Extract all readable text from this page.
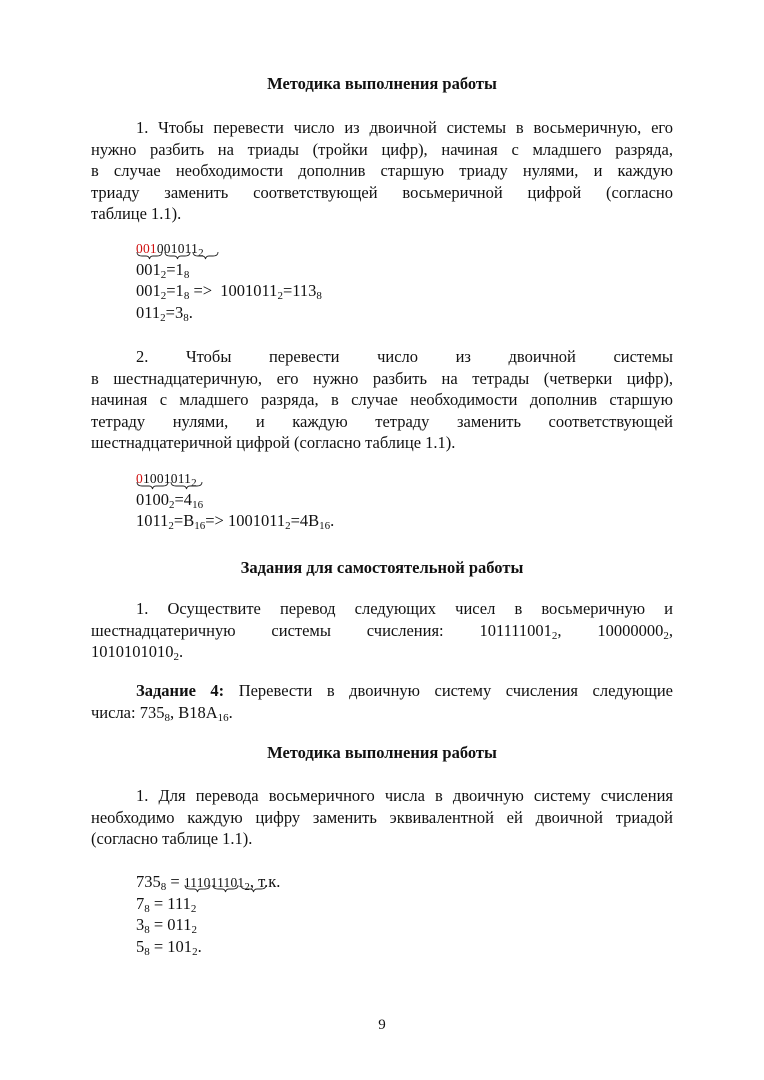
Методика выполнения работы

1. Чтобы перевести число из двоичной системы в восьмеричную, его
нужно разбить на триады (тройки цифр), начиная с младшего разряда,
в случае необходимости дополнив старшую триаду нулями, и каждую
триаду заменить соответствующей восьмеричной цифрой (согласно
таблице 1.1).
$001001011_2$
$001_2=1_8$
$001_2=1_8 => 1001011_2=113_8$
$011_2=3_8$.
2. Чтобы перевести число из двоичной системы
в шестнадцатеричную, его нужно разбить на тетрады (четверки цифр),
начиная с младшего разряда, в случае необходимости дополнив старшую
тетраду нулями, и каждую тетраду заменить соответствующей
шестнадцатеричной цифрой (согласно таблице 1.1).
$01001011_2$
$0100_2=4_{16}$
$1011_2=B_{16}=> 1001011_2=4B_{16}$.

Задания для самостоятельной работы

1. Осуществите перевод следующих чисел в восьмеричную и
шестнадцатеричную системы счисления: $101111001_2$, $10000000_2$,
$1010101010_2$.
Задание 4: Перевести в двоичную систему счисления следующие
числа: $735_8$, $B18A_{16}$.

Методика выполнения работы

1. Для перевода восьмеричного числа в двоичную систему счисления
необходимо каждую цифру заменить эквивалентной ей двоичной триадой
(согласно таблице 1.1).
$735_8 = 111011101_2$
, т.к.
$7_8 = 111_2$
$3_8 = 011_2$
$5_8 = 101_2$.
9
